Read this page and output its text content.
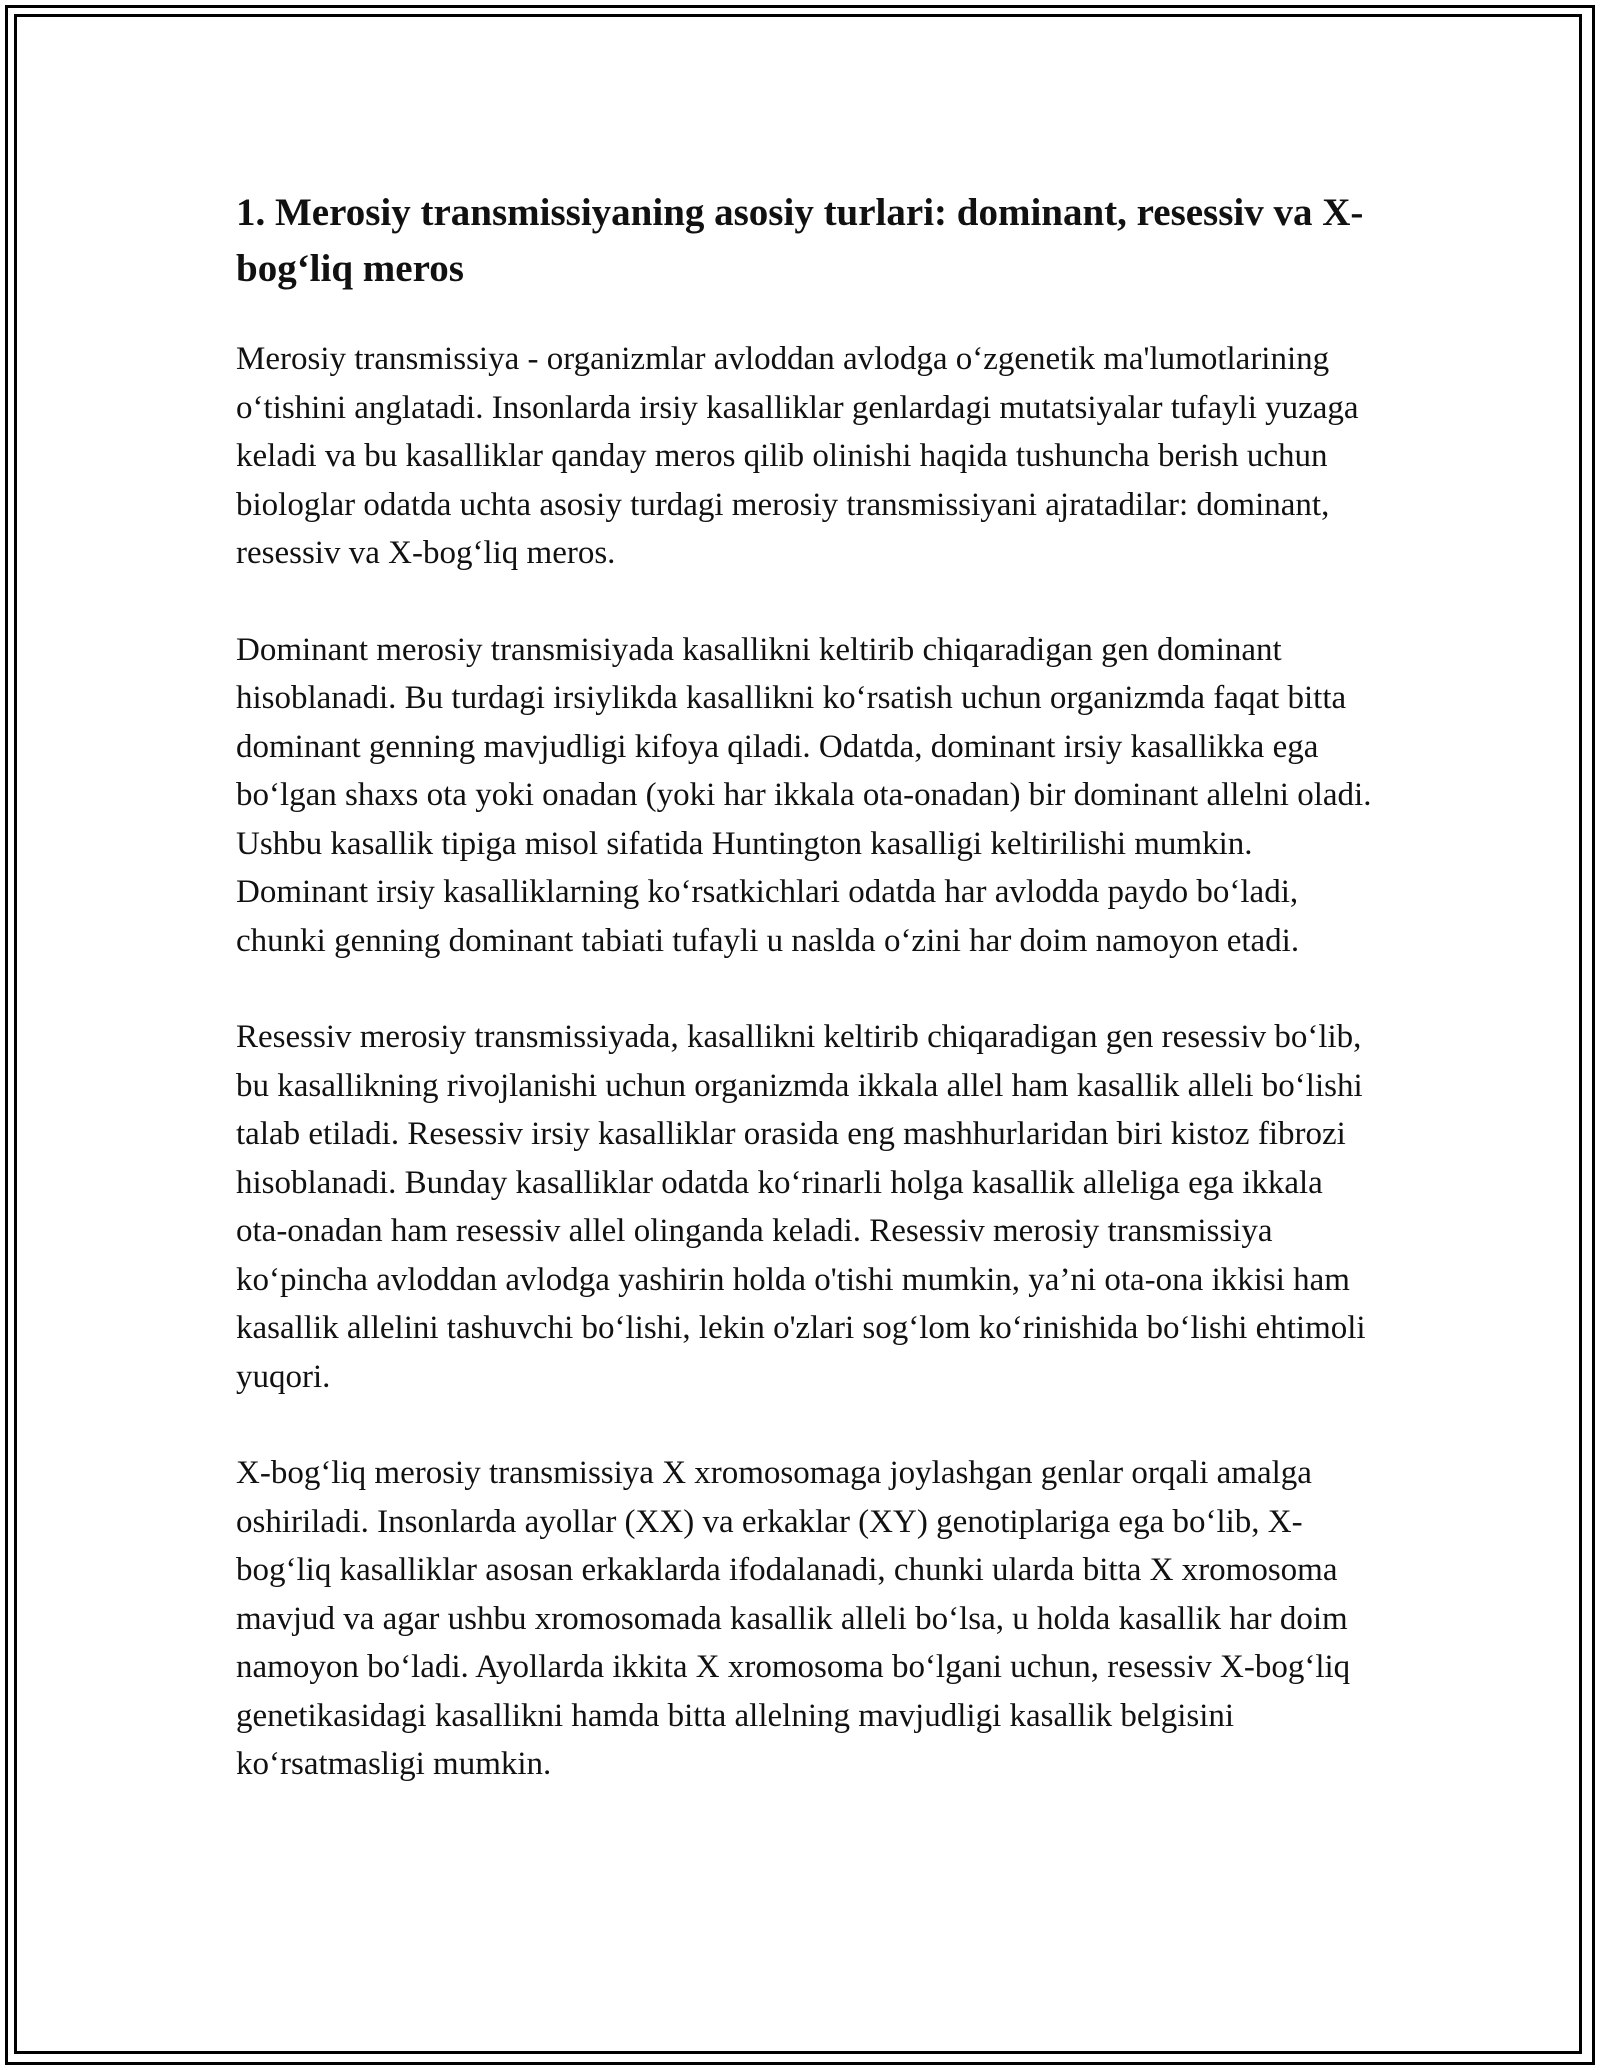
1. Merosiy transmissiyaning asosiy turlari: dominant, resessiv va X-bog‘liq meros

Merosiy transmissiya - organizmlar avloddan avlodga o‘zgenetik ma'lumotlarining o‘tishini anglatadi. Insonlarda irsiy kasalliklar genlardagi mutatsiyalar tufayli yuzaga keladi va bu kasalliklar qanday meros qilib olinishi haqida tushuncha berish uchun biologlar odatda uchta asosiy turdagi merosiy transmissiyani ajratadilar: dominant, resessiv va X-bog‘liq meros.

Dominant merosiy transmisiyada kasallikni keltirib chiqaradigan gen dominant hisoblanadi. Bu turdagi irsiylikda kasallikni ko‘rsatish uchun organizmda faqat bitta dominant genning mavjudligi kifoya qiladi. Odatda, dominant irsiy kasallikka ega bo‘lgan shaxs ota yoki onadan (yoki har ikkala ota-onadan) bir dominant allelni oladi. Ushbu kasallik tipiga misol sifatida Huntington kasalligi keltirilishi mumkin. Dominant irsiy kasalliklarning ko‘rsatkichlari odatda har avlodda paydo bo‘ladi, chunki genning dominant tabiati tufayli u naslda o‘zini har doim namoyon etadi.

Resessiv merosiy transmissiyada, kasallikni keltirib chiqaradigan gen resessiv bo‘lib, bu kasallikning rivojlanishi uchun organizmda ikkala allel ham kasallik alleli bo‘lishi talab etiladi. Resessiv irsiy kasalliklar orasida eng mashhurlaridan biri kistoz fibrozi hisoblanadi. Bunday kasalliklar odatda ko‘rinarli holga kasallik alleliga ega ikkala ota-onadan ham resessiv allel olinganda keladi. Resessiv merosiy transmissiya ko‘pincha avloddan avlodga yashirin holda o'tishi mumkin, ya’ni ota-ona ikkisi ham kasallik allelini tashuvchi bo‘lishi, lekin o'zlari sog‘lom ko‘rinishida bo‘lishi ehtimoli yuqori.

X-bog‘liq merosiy transmissiya X xromosomaga joylashgan genlar orqali amalga oshiriladi. Insonlarda ayollar (XX) va erkaklar (XY) genotiplariga ega bo‘lib, X-bog‘liq kasalliklar asosan erkaklarda ifodalanadi, chunki ularda bitta X xromosoma mavjud va agar ushbu xromosomada kasallik alleli bo‘lsa, u holda kasallik har doim namoyon bo‘ladi. Ayollarda ikkita X xromosoma bo‘lgani uchun, resessiv X-bog‘liq genetikasidagi kasallikni hamda bitta allelning mavjudligi kasallik belgisini ko‘rsatmasligi mumkin.
